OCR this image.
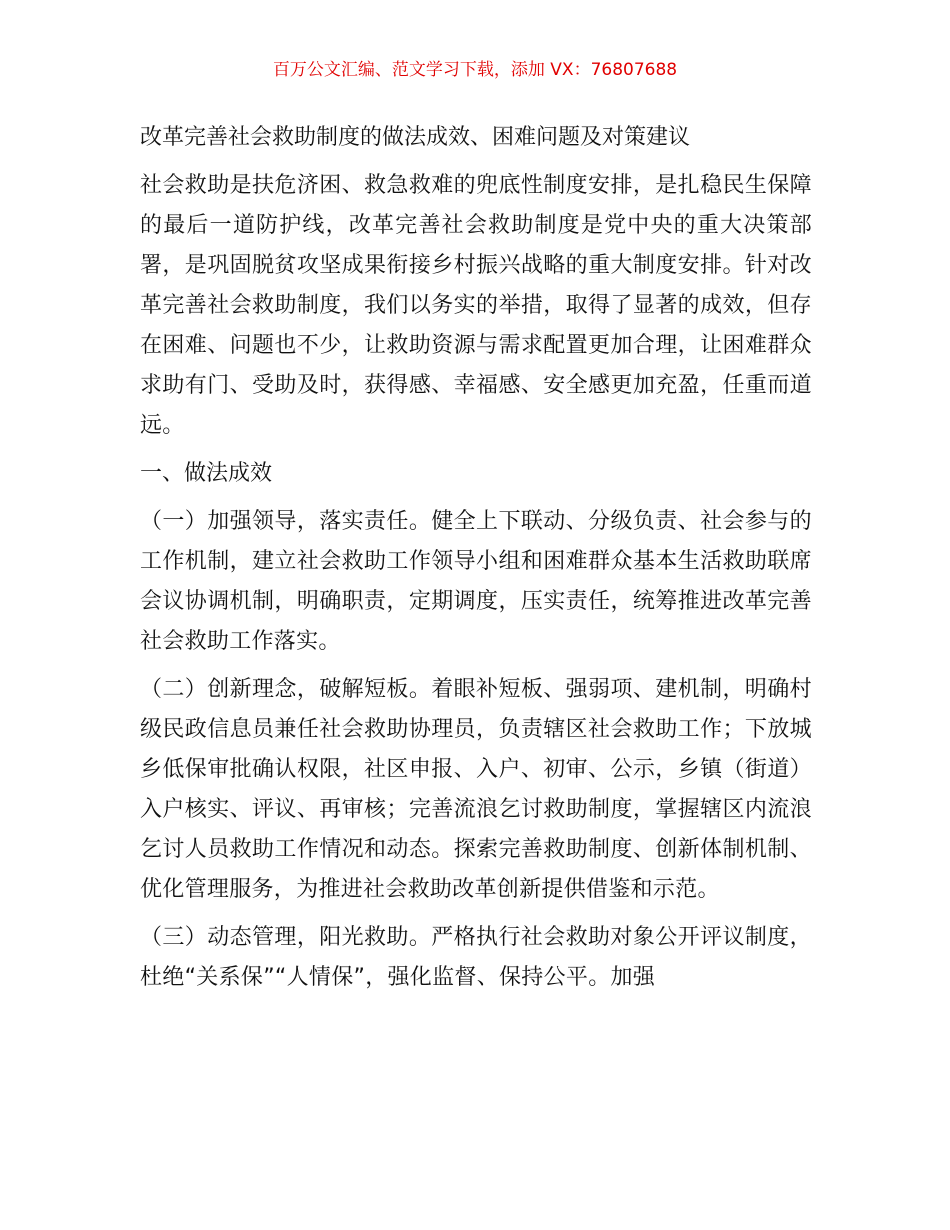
百万公文汇编、范文学习下载，添加 VX：76807688
改革完善社会救助制度的做法成效、困难问题及对策建议

社会救助是扶危济困、救急救难的兜底性制度安排，是扎稳民生保障的最后一道防护线，改革完善社会救助制度是党中央的重大决策部署，是巩固脱贫攻坚成果衔接乡村振兴战略的重大制度安排。针对改革完善社会救助制度，我们以务实的举措，取得了显著的成效，但存在困难、问题也不少，让救助资源与需求配置更加合理，让困难群众求助有门、受助及时，获得感、幸福感、安全感更加充盈，任重而道远。

一、做法成效

（一）加强领导，落实责任。健全上下联动、分级负责、社会参与的工作机制，建立社会救助工作领导小组和困难群众基本生活救助联席会议协调机制，明确职责，定期调度，压实责任，统筹推进改革完善社会救助工作落实。

（二）创新理念，破解短板。着眼补短板、强弱项、建机制，明确村级民政信息员兼任社会救助协理员，负责辖区社会救助工作；下放城乡低保审批确认权限，社区申报、入户、初审、公示，乡镇（街道）入户核实、评议、再审核；完善流浪乞讨救助制度，掌握辖区内流浪乞讨人员救助工作情况和动态。探索完善救助制度、创新体制机制、优化管理服务，为推进社会救助改革创新提供借鉴和示范。

（三）动态管理，阳光救助。严格执行社会救助对象公开评议制度，杜绝“关系保”“人情保”，强化监督、保持公平。加强
